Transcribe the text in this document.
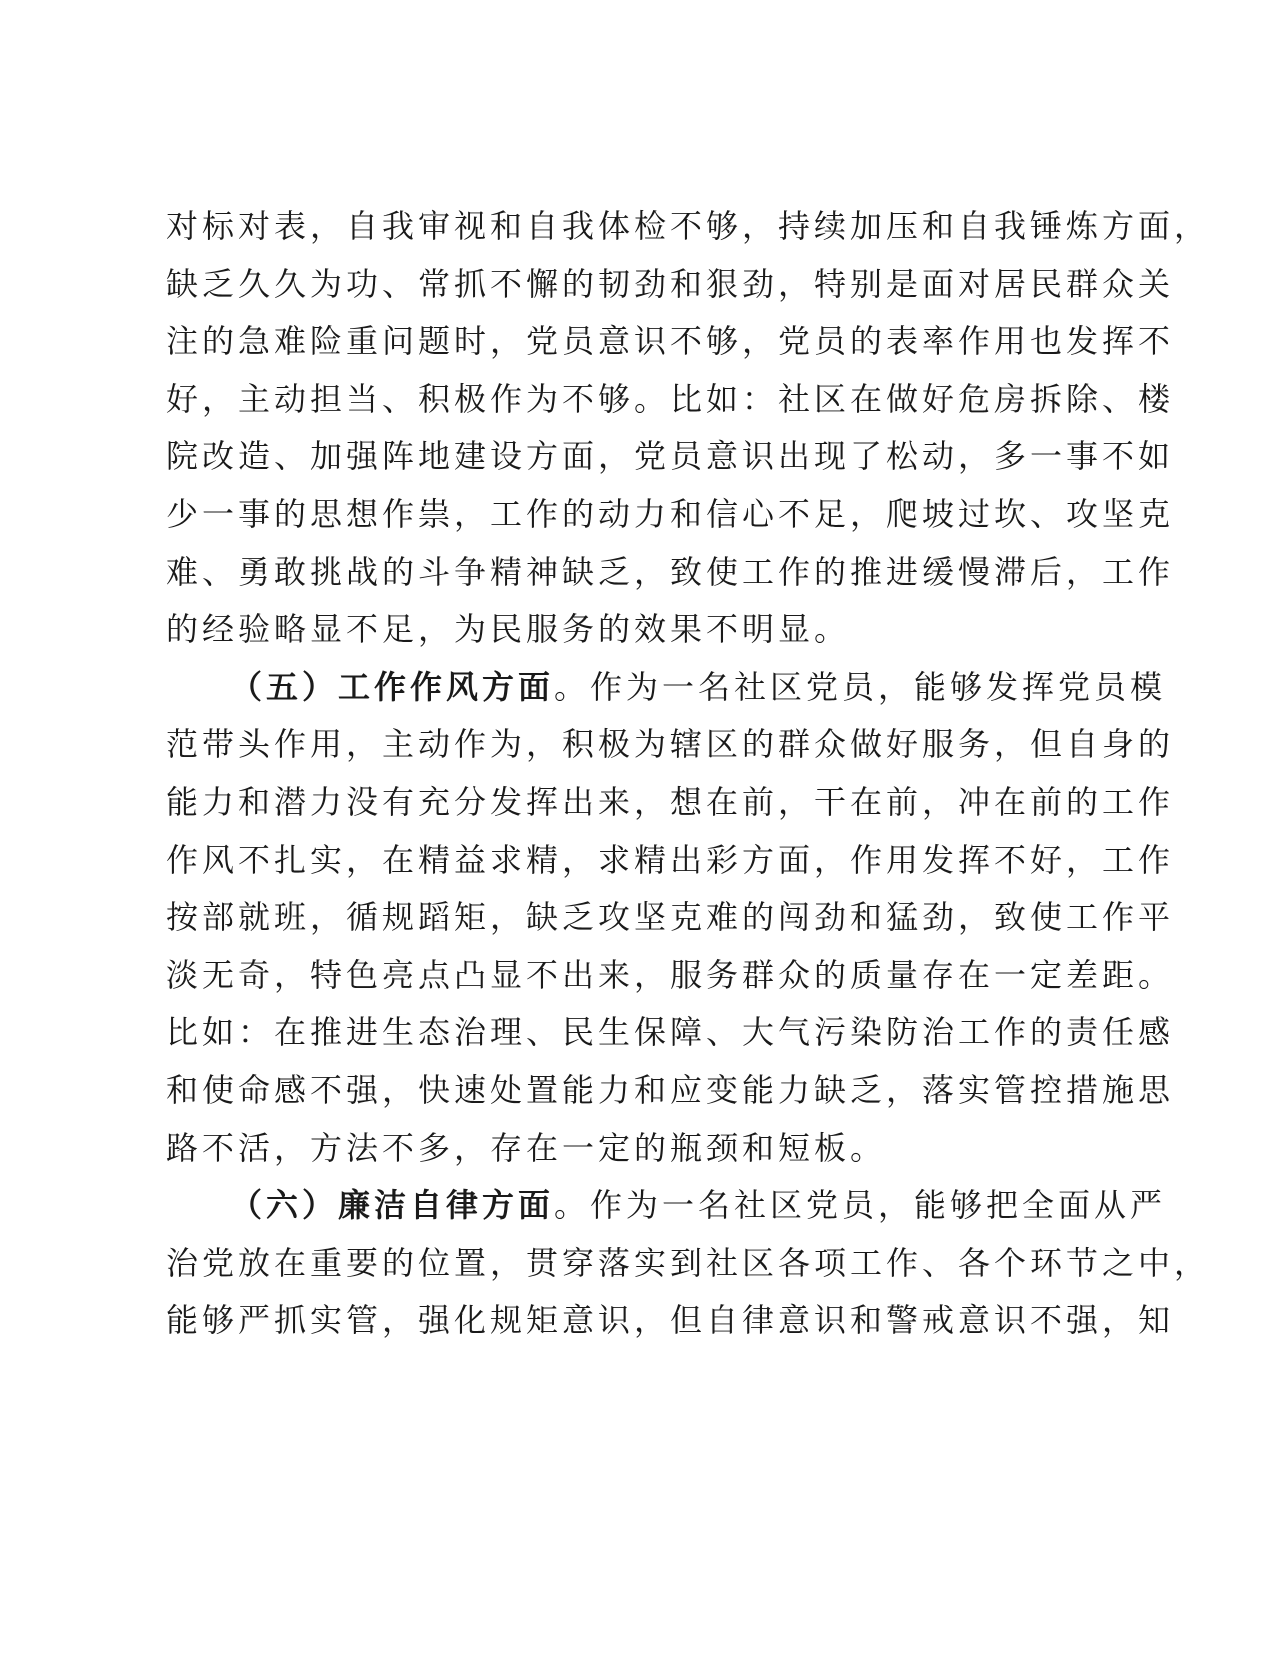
对标对表，自我审视和自我体检不够，持续加压和自我锤炼方面，
缺乏久久为功、常抓不懈的韧劲和狠劲，特别是面对居民群众关
注的急难险重问题时，党员意识不够，党员的表率作用也发挥不
好，主动担当、积极作为不够。比如：社区在做好危房拆除、楼
院改造、加强阵地建设方面，党员意识出现了松动，多一事不如
少一事的思想作祟，工作的动力和信心不足，爬坡过坎、攻坚克
难、勇敢挑战的斗争精神缺乏，致使工作的推进缓慢滞后，工作
的经验略显不足，为民服务的效果不明显。
（五）工作作风方面。作为一名社区党员，能够发挥党员模
范带头作用，主动作为，积极为辖区的群众做好服务，但自身的
能力和潜力没有充分发挥出来，想在前，干在前，冲在前的工作
作风不扎实，在精益求精，求精出彩方面，作用发挥不好，工作
按部就班，循规蹈矩，缺乏攻坚克难的闯劲和猛劲，致使工作平
淡无奇，特色亮点凸显不出来，服务群众的质量存在一定差距。
比如：在推进生态治理、民生保障、大气污染防治工作的责任感
和使命感不强，快速处置能力和应变能力缺乏，落实管控措施思
路不活，方法不多，存在一定的瓶颈和短板。
（六）廉洁自律方面。作为一名社区党员，能够把全面从严
治党放在重要的位置，贯穿落实到社区各项工作、各个环节之中，
能够严抓实管，强化规矩意识，但自律意识和警戒意识不强，知
